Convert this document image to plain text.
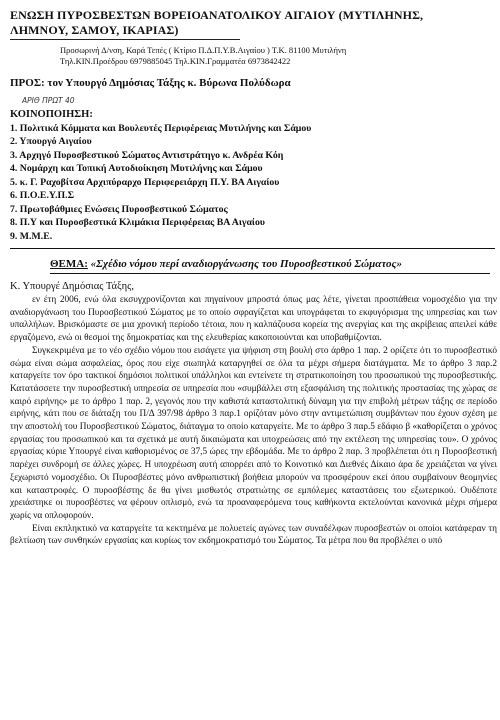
ΕΝΩΣΗ ΠΥΡΟΣΒΕΣΤΩΝ ΒΟΡΕΙΟΑΝΑΤΟΛΙΚΟΥ ΑΙΓΑΙΟΥ (ΜΥΤΙΛΗΝΗΣ,
ΛΗΜΝΟΥ, ΣΑΜΟΥ, ΙΚΑΡΙΑΣ)
Προσωρινή Δ/νση, Καρά Τεπές ( Κτίριο Π.Δ.Π.Υ.Β.Αιγαίου ) Τ.Κ. 81100 Μυτιλήνη
Τηλ.ΚΙΝ.Προέδρου 6979885045 Τηλ.ΚΙΝ.Γραμματέα 6973842422
ΠΡΟΣ: τον Υπουργό Δημόσιας Τάξης κ. Βύρωνα Πολύδωρα
ΑΡΙΘ ΠΡΩΤ 40
ΚΟΙΝΟΠΟΙΗΣΗ:
1. Πολιτικά Κόμματα και Βουλευτές Περιφέρειας Μυτιλήνης και Σάμου
2. Υπουργό Αιγαίου
3. Αρχηγό Πυροσβεστικού Σώματος Αντιστράτηγο κ. Ανδρέα Κόη
4. Νομάρχη και Τοπική Αυτοδιοίκηση Μυτιλήνης και Σάμου
5. κ. Γ. Ραχοβίτσα Αρχιπύραρχο Περιφερειάρχη Π.Υ. ΒΑ Αιγαίου
6. Π.Ο.Ε.Υ.Π.Σ
7. Πρωτοβάθμιες Ενώσεις Πυροσβεστικού Σώματος
8. Π.Υ και Πυροσβεστικά Κλιμάκια Περιφέρειας ΒΑ Αιγαίου
9. Μ.Μ.Ε.
ΘΕΜΑ: «Σχέδιο νόμου περί αναδιοργάνωσης του Πυροσβεστικού Σώματος»
Κ. Υπουργέ Δημόσιας Τάξης,

εν έτη 2006, ενώ όλα εκσυγχρονίζονται και πηγαίνουν μπροστά όπως μας λέτε, γίνεται προσπάθεια νομοσχέδιο για την αναδιοργάνωση του Πυροσβεστικού Σώματος με το οποίο σφραγίζεται και υπογράφεται το εκφυγόρισμα της υπηρεσίας και των υπαλλήλων. Βρισκόμαστε σε μια χρονική περίοδο τέτοια, που η καλπάζουσα κορεία της ανεργίας και της ακρίβειας απειλεί κάθε εργαζόμενο, ενώ οι θεσμοί της δημοκρατίας και της ελευθερίας κακοποιούνται και υποβαθμίζονται.

Συγκεκριμένα με το νέο σχέδιο νόμου που εισάγετε για ψήφιση στη βουλή στο άρθρο 1 παρ. 2 ορίζετε ότι το πυροσβεστικό σώμα είναι σώμα ασφαλείας, όρος που είχε σιωπηλά καταργηθεί σε όλα τα μέχρι σήμερα διατάγματα. Με το άρθρο 3 παρ.2 καταργείτε τον όρο τακτικοί δημόσιοι πολιτικοί υπάλληλοι και εντείνετε τη στρατικοποίηση του προσωπικού της πυροσβεστικής. Κατατάσσετε την πυροσβεστική υπηρεσία σε υπηρεσία που «συμβάλλει στη εξασφάλιση της πολιτικής προστασίας της χώρας σε καιρό ειρήνης» με το άρθρο 1 παρ. 2, γεγονός που την καθιστά καταστολιτική δύναμη για την επιβολή μέτρων τάξης σε περίοδο ειρήνης, κάτι που σε διάταξη του Π/Δ 397/98 άρθρο 3 παρ.1 ορίζόταν μόνο στην αντιμετώπιση συμβάντων που έχουν σχέση με την αποστολή του Πυροσβεστικού Σώματος, διάταγμα το οποίο καταργείτε. Με το άρθρο 3 παρ.5 εδάφιο β «καθορίζεται ο χρόνος εργασίας του προσωπικού και τα σχετικά με αυτή δικαιώματα και υποχρεώσεις από την εκτέλεση της υπηρεσίας του». Ο χρόνος εργασίας κύριε Υπουργέ είναι καθορισμένος σε 37,5 ώρες την εβδομάδα. Με το άρθρο 2 παρ. 3 προβλέπεται ότι η Πυροσβεστική παρέχει συνδρομή σε άλλες χώρες. Η υποχρέωση αυτή απορρέει από το Κοινοτικό και Διεθνές Δίκαιο άρα δε χρειάζεται να γίνει ξεχωριστό νομοσχέδιο. Οι Πυροσβέστες μόνο ανθρωπιστική βοήθεια μπορούν να προσφέρουν εκεί όπου συμβαίνουν θεομηνίες και καταστροφές. Ο πυροσβέστης δε θα γίνει μισθωτός στρατιώτης σε εμπόλεμες καταστάσεις του εξωτερικού. Ουδέποτε χρειάστηκε οι πυροσβέστες να φέρουν οπλισμό, ενώ τα προαναφερόμενα τους καθήκοντα εκτελούνται κανονικά μέχρι σήμερα χωρίς να οπλοφορούν.

Είναι εκπληκτικό να καταργείτε τα κεκτημένα με πολυετείς αγώνες των συναδέλφων πυροσβεστών οι οποίοι κατάφεραν τη βελτίωση των συνθηκών εργασίας και κυρίως τον εκδημοκρατισμό του Σώματος. Τα μέτρα που θα προβλέπει ο υπό
